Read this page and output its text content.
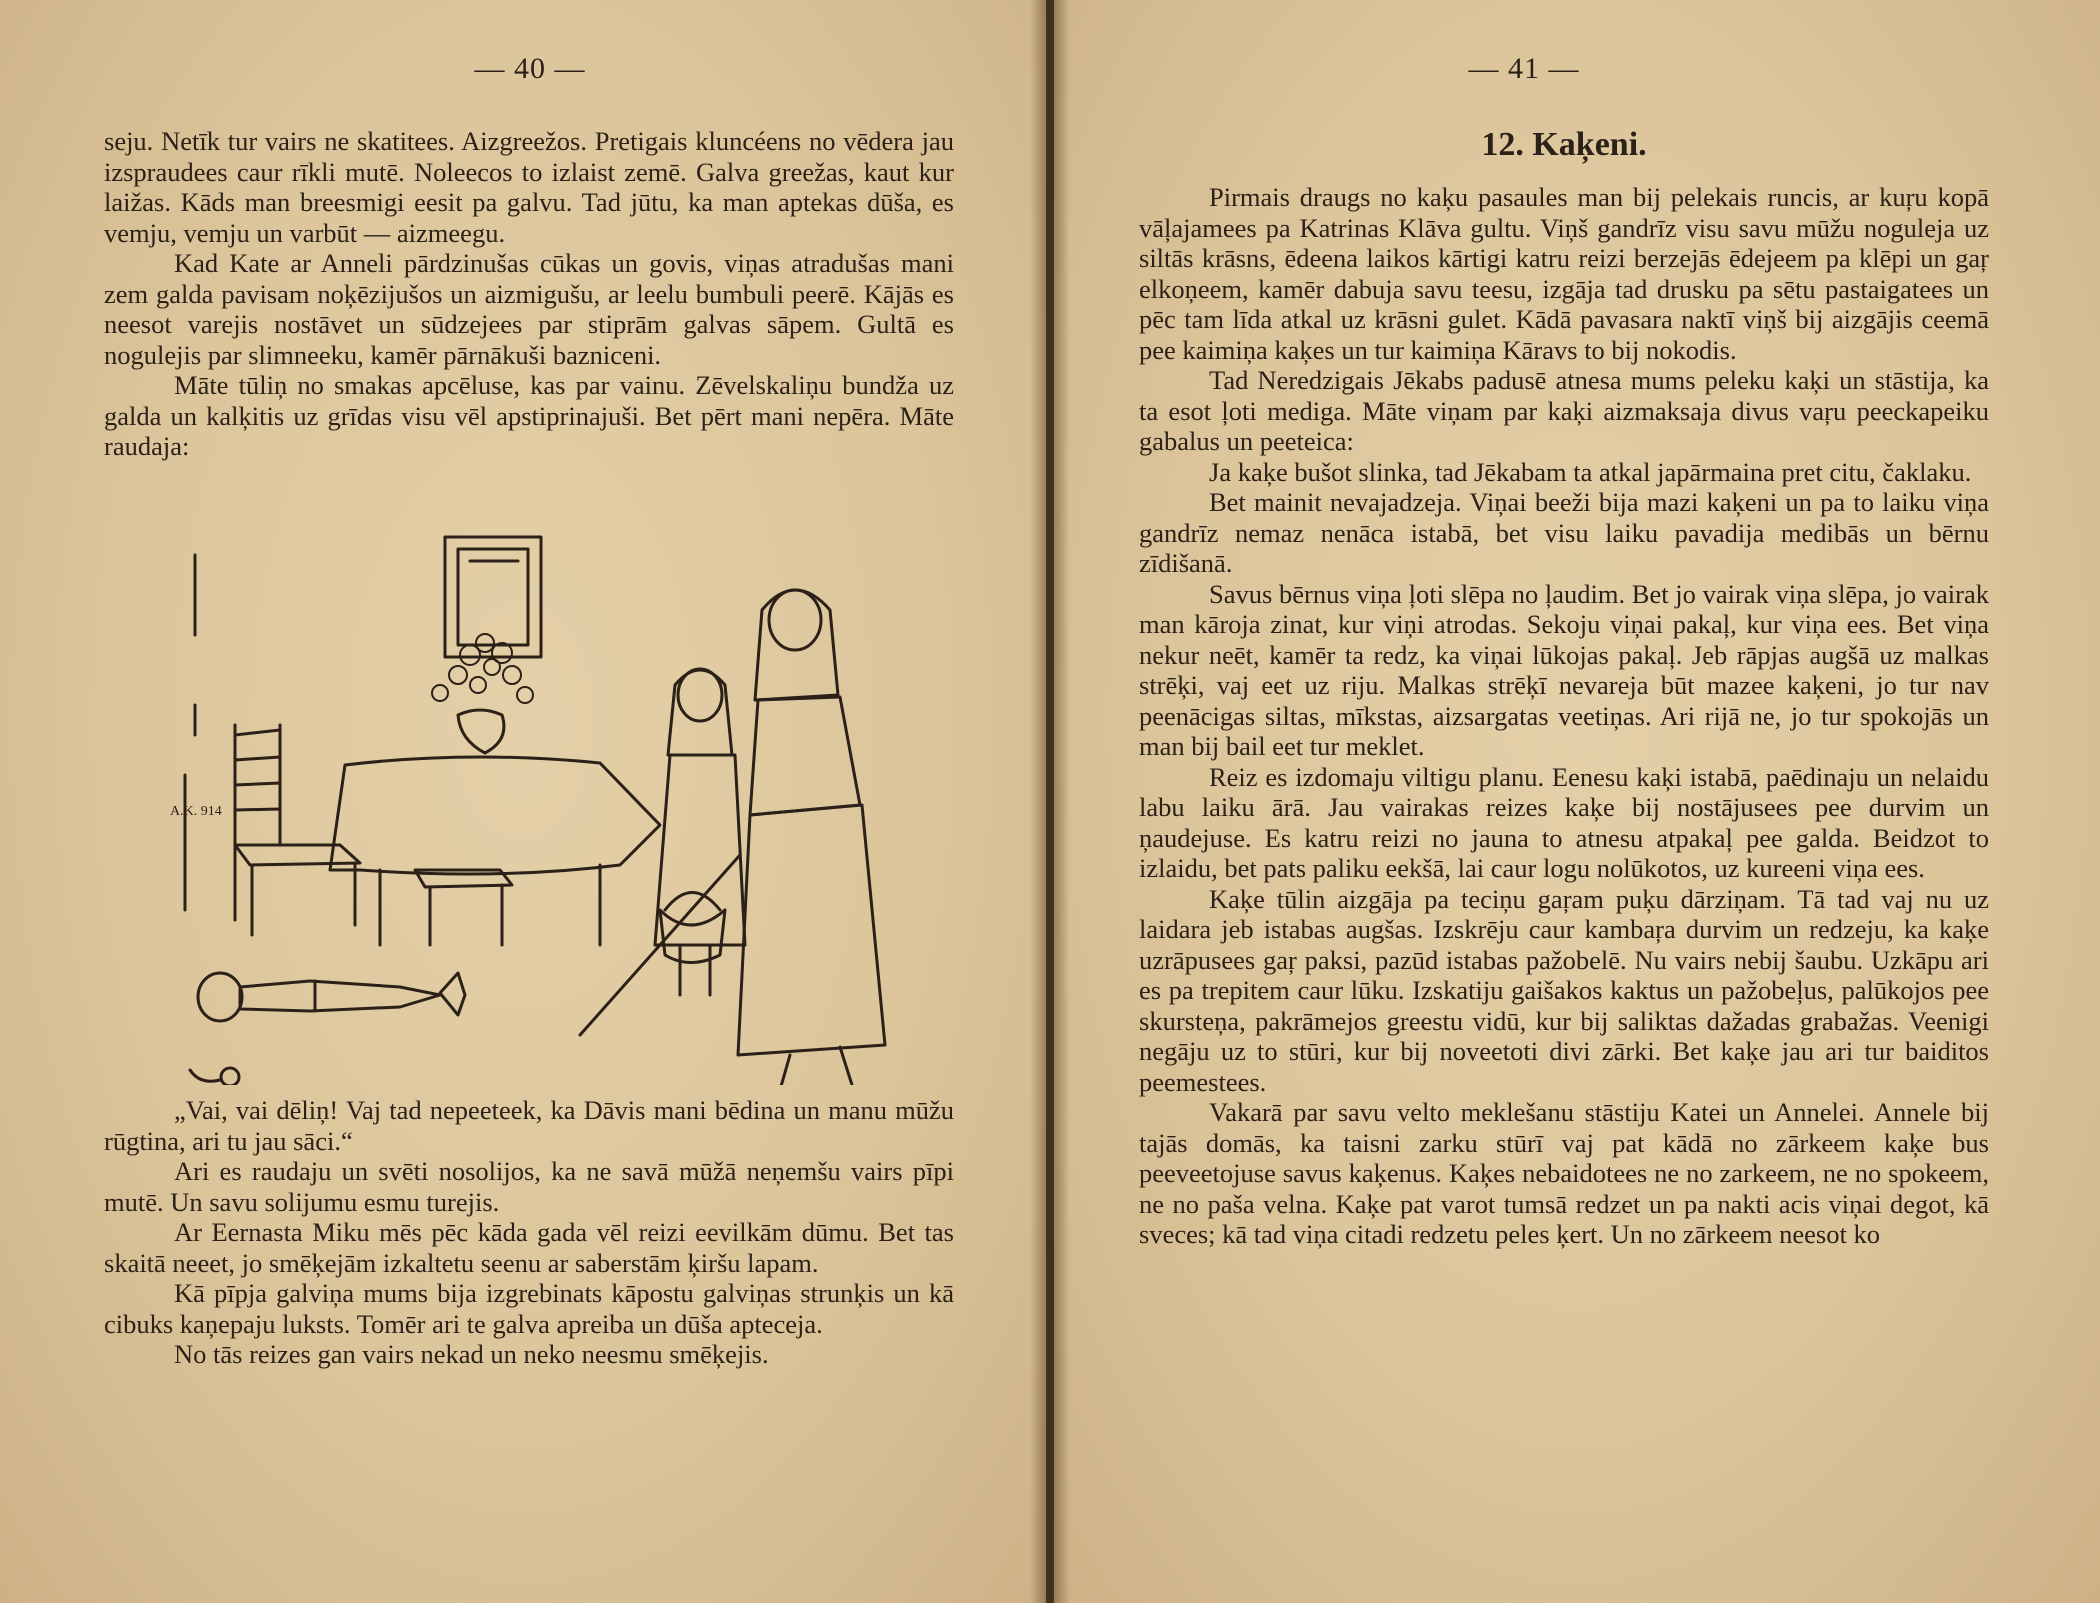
— 40 —

seju. Netīk tur vairs ne skatitees. Aizgreežos. Pretigais kluncéens no vēdera jau izspraudees caur rīkli mutē. Noleecos to izlaist zemē. Galva greežas, kaut kur laižas. Kāds man breesmigi eesit pa galvu. Tad jūtu, ka man aptekas dūša, es vemju, vemju un varbūt — aizmeegu.

Kad Kate ar Anneli pārdzinušas cūkas un govis, viņas atradušas mani zem galda pavisam noķēzijušos un aizmigušu, ar leelu bumbuli peerē. Kājās es neesot varejis nostāvet un sūdzejees par stiprām galvas sāpem. Gultā es nogulejis par slimneeku, kamēr pārnākuši bazniceni.

Māte tūliņ no smakas apcēluse, kas par vainu. Zēvelskaliņu bundža uz galda un kalķitis uz grīdas visu vēl apstiprinajuši. Bet pērt mani nepēra. Māte raudaja:

A.K. 914

„Vai, vai dēliņ! Vaj tad nepeeteek, ka Dāvis mani bēdina un manu mūžu rūgtina, ari tu jau sāci.“

Ari es raudaju un svēti nosolijos, ka ne savā mūžā neņemšu vairs pīpi mutē. Un savu solijumu esmu turejis.

Ar Eernasta Miku mēs pēc kāda gada vēl reizi eevilkām dūmu. Bet tas skaitā neeet, jo smēķejām izkaltetu seenu ar saberstām ķiršu lapam.

Kā pīpja galviņa mums bija izgrebinats kāpostu galviņas strunķis un kā cibuks kaņepaju luksts. Tomēr ari te galva apreiba un dūša apteceja.

No tās reizes gan vairs nekad un neko neesmu smēķejis.

— 41 —
12. Kaķeni.

Pirmais draugs no kaķu pasaules man bij pelekais runcis, ar kuŗu kopā vāļajamees pa Katrinas Klāva gultu. Viņš gandrīz visu savu mūžu noguleja uz siltās krāsns, ēdeena laikos kārtigi katru reizi berzejās ēdejeem pa klēpi un gaŗ elkoņeem, kamēr dabuja savu teesu, izgāja tad drusku pa sētu pastaigatees un pēc tam līda atkal uz krāsni gulet. Kādā pavasara naktī viņš bij aizgājis ceemā pee kaimiņa kaķes un tur kaimiņa Kāravs to bij nokodis.

Tad Neredzigais Jēkabs padusē atnesa mums peleku kaķi un stāstija, ka ta esot ļoti mediga. Māte viņam par kaķi aizmaksaja divus vaŗu peeckapeiku gabalus un peeteica:

Ja kaķe bušot slinka, tad Jēkabam ta atkal japārmaina pret citu, čaklaku.

Bet mainit nevajadzeja. Viņai beeži bija mazi kaķeni un pa to laiku viņa gandrīz nemaz nenāca istabā, bet visu laiku pavadija medibās un bērnu zīdišanā.

Savus bērnus viņa ļoti slēpa no ļaudim. Bet jo vairak viņa slēpa, jo vairak man kāroja zinat, kur viņi atrodas. Sekoju viņai pakaļ, kur viņa ees. Bet viņa nekur neēt, kamēr ta redz, ka viņai lūkojas pakaļ. Jeb rāpjas augšā uz malkas strēķi, vaj eet uz riju. Malkas strēķī nevareja būt mazee kaķeni, jo tur nav peenācigas siltas, mīkstas, aizsargatas veetiņas. Ari rijā ne, jo tur spokojās un man bij bail eet tur meklet.

Reiz es izdomaju viltigu planu. Eenesu kaķi istabā, paēdinaju un nelaidu labu laiku ārā. Jau vairakas reizes kaķe bij nostājusees pee durvim un ņaudejuse. Es katru reizi no jauna to atnesu atpakaļ pee galda. Beidzot to izlaidu, bet pats paliku eekšā, lai caur logu nolūkotos, uz kureeni viņa ees.

Kaķe tūlin aizgāja pa teciņu gaŗam puķu dārziņam. Tā tad vaj nu uz laidara jeb istabas augšas. Izskrēju caur kambaŗa durvim un redzeju, ka kaķe uzrāpusees gaŗ paksi, pazūd istabas pažobelē. Nu vairs nebij šaubu. Uzkāpu ari es pa trepitem caur lūku. Izskatiju gaišakos kaktus un pažobeļus, palūkojos pee skursteņa, pakrāmejos greestu vidū, kur bij saliktas dažadas grabažas. Veenigi negāju uz to stūri, kur bij noveetoti divi zārki. Bet kaķe jau ari tur baiditos peemestees.

Vakarā par savu velto meklešanu stāstiju Katei un Annelei. Annele bij tajās domās, ka taisni zarku stūrī vaj pat kādā no zārkeem kaķe bus peeveetojuse savus kaķenus. Kaķes nebaidotees ne no zarkeem, ne no spokeem, ne no paša velna. Kaķe pat varot tumsā redzet un pa nakti acis viņai degot, kā sveces; kā tad viņa citadi redzetu peles ķert. Un no zārkeem neesot ko
